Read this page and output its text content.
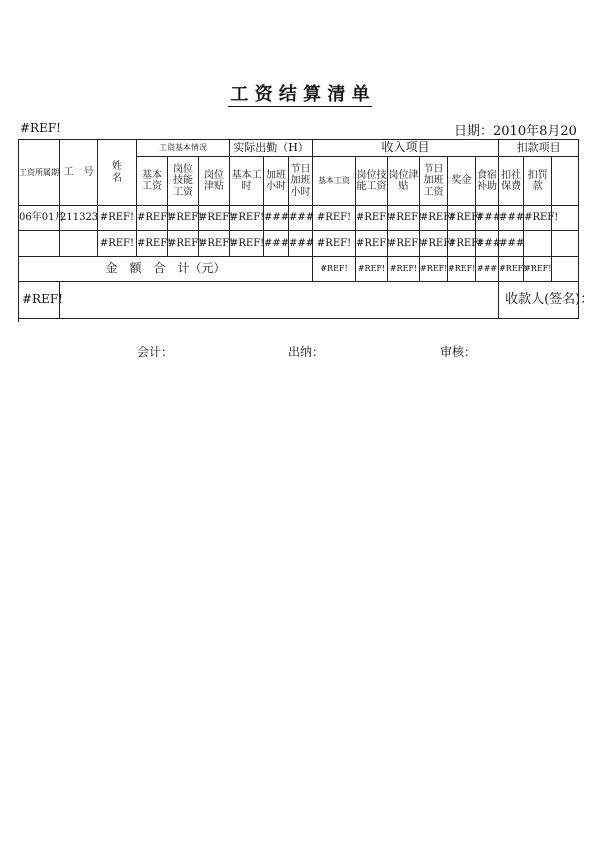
工 资 结 算 清 单
#REF!	日期：2010年8月20
工资所属期	工　号	姓名	工资基本情况			实际出勤（H）			收入项目						扣款项目		
			基本工资	岗位技能工资	岗位津贴	基本工时	加班小时	节日加班小时	基本工资	岗位技能工资	岗位津贴	节日加班工资	奖金	食宿补助	扣社保费	扣罚款	

06年01月	211323	#REF!	#REF!	#REF!	#REF!	#REF!	###	###	#REF!	#REF!	#REF!	#REF!	#REF!	###	###	#REF!	
		#REF!	#REF!	#REF!	#REF!	#REF!	###	###	#REF!	#REF!	#REF!	#REF!	#REF!	###	###		
金　额　合　计（元）									#REF!	#REF!	#REF!	#REF!	#REF!	###	#REF!	#REF!	
#REF!															收款人(签名)：		
会计：	出纳：	审核：
